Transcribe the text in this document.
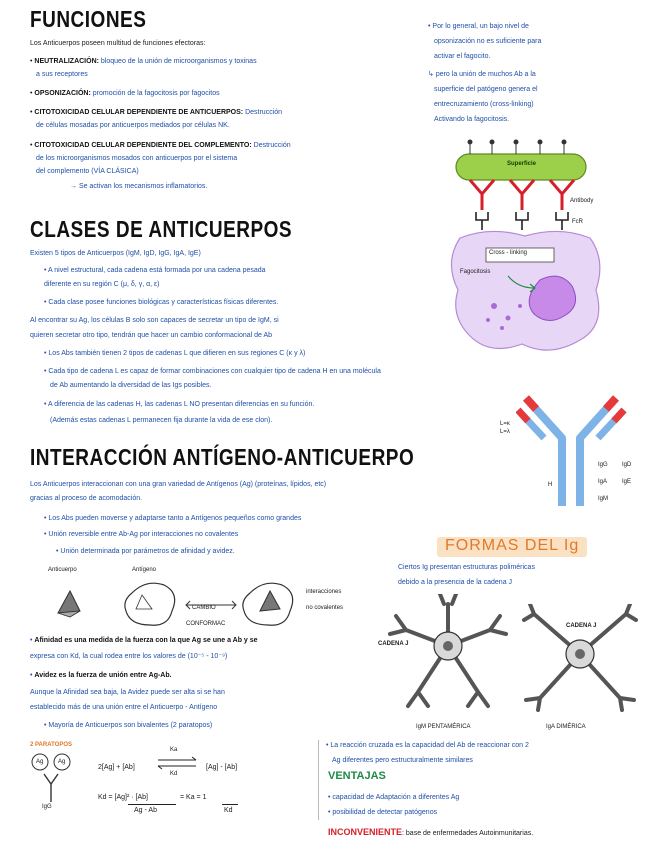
FUNCIONES
Los Anticuerpos poseen multitud de funciones efectoras:
• NEUTRALIZACIÓN: bloqueo de la unión de microorganismos y toxinas
a sus receptores
• OPSONIZACIÓN: promoción de la fagocitosis por fagocitos
• CITOTOXICIDAD CELULAR DEPENDIENTE DE ANTICUERPOS: Destrucción
de células mosadas por anticuerpos mediados por células NK.
• CITOTOXICIDAD CELULAR DEPENDIENTE DEL COMPLEMENTO: Destrucción
de los microorganismos mosados con anticuerpos por el sistema
del complemento (VÍA CLÁSICA)
→ Se activan los mecanismos inflamatorios.
• Por lo general, un bajo nivel de
opsonización no es suficiente para
activar el fagocito.
↳ pero la unión de muchos Ab a la
superficie del patógeno genera el
entrecruzamiento (cross-linking)
Activando la fagocitosis.
Superficie
Antibody
FcR
Cross - linking
Fagocitosis
CLASES DE ANTICUERPOS
Existen 5 tipos de Anticuerpos (IgM, IgD, IgG, IgA, IgE)
• A nivel estructural, cada cadena está formada por una cadena pesada
diferente en su región C (μ, δ, γ, α, ε)
• Cada clase posee funciones biológicas y características físicas diferentes.
Al encontrar su Ag, los células B solo son capaces de secretar un tipo de IgM, si
quieren secretar otro tipo, tendrán que hacer un cambio conformacional de Ab
• Los Abs también tienen 2 tipos de cadenas L que difieren en sus regiones C (κ y λ)
• Cada tipo de cadena L es capaz de formar combinaciones con cualquier tipo de cadena H en una molécula
de Ab aumentando la diversidad de las Igs posibles.
• A diferencia de las cadenas H, las cadenas L NO presentan diferencias en su función.
(Además estas cadenas L permanecen fija durante la vida de ese clon).	L=κ
L=λ
H
IgG IgD
IgA IgE
IgM
INTERACCIÓN ANTÍGENO-ANTICUERPO
Los Anticuerpos interaccionan con una gran variedad de Antígenos (Ag) (proteínas, lípidos, etc)
gracias al proceso de acomodación.
• Los Abs pueden moverse y adaptarse tanto a Antígenos pequeños como grandes
• Unión reversible entre Ab-Ag por interacciones no covalentes
• Unión determinada por parámetros de afinidad y avidez.
Anticuerpo	Antígeno
CAMBIO
CONFORMAC
interacciones
no covalentes
• Afinidad es una medida de la fuerza con la que Ag se une a Ab y se
expresa con Kd, la cual rodea entre los valores de (10⁻⁵ - 10⁻⁹)
• Avidez es la fuerza de unión entre Ag-Ab.
Aunque la Afinidad sea baja, la Avidez puede ser alta si se han
establecido más de una unión entre el Anticuerpo - Antígeno
• Mayoría de Anticuerpos son bivalentes (2 paratopos)
2 PARATOPOS
Ag Ag
IgG
2[Ag] + [Ab]
Ka
Kd
[Ag] - [Ab]
Kd = [Ag]² · [Ab]
Ag - Ab
= Ka = 1
Kd
FORMAS DEL Ig
Ciertos Ig presentan estructuras poliméricas
debido a la presencia de la cadena J
CADENA J
CADENA J
IgM PENTAMÉRICA	IgA DIMÉRICA
• La reacción cruzada es la capacidad del Ab de reaccionar con 2
Ag diferentes pero estructuralmente similares
VENTAJAS
• capacidad de Adaptación a diferentes Ag
• posibilidad de detectar patógenos
INCONVENIENTE: base de enfermedades Autoinmunitarias.
